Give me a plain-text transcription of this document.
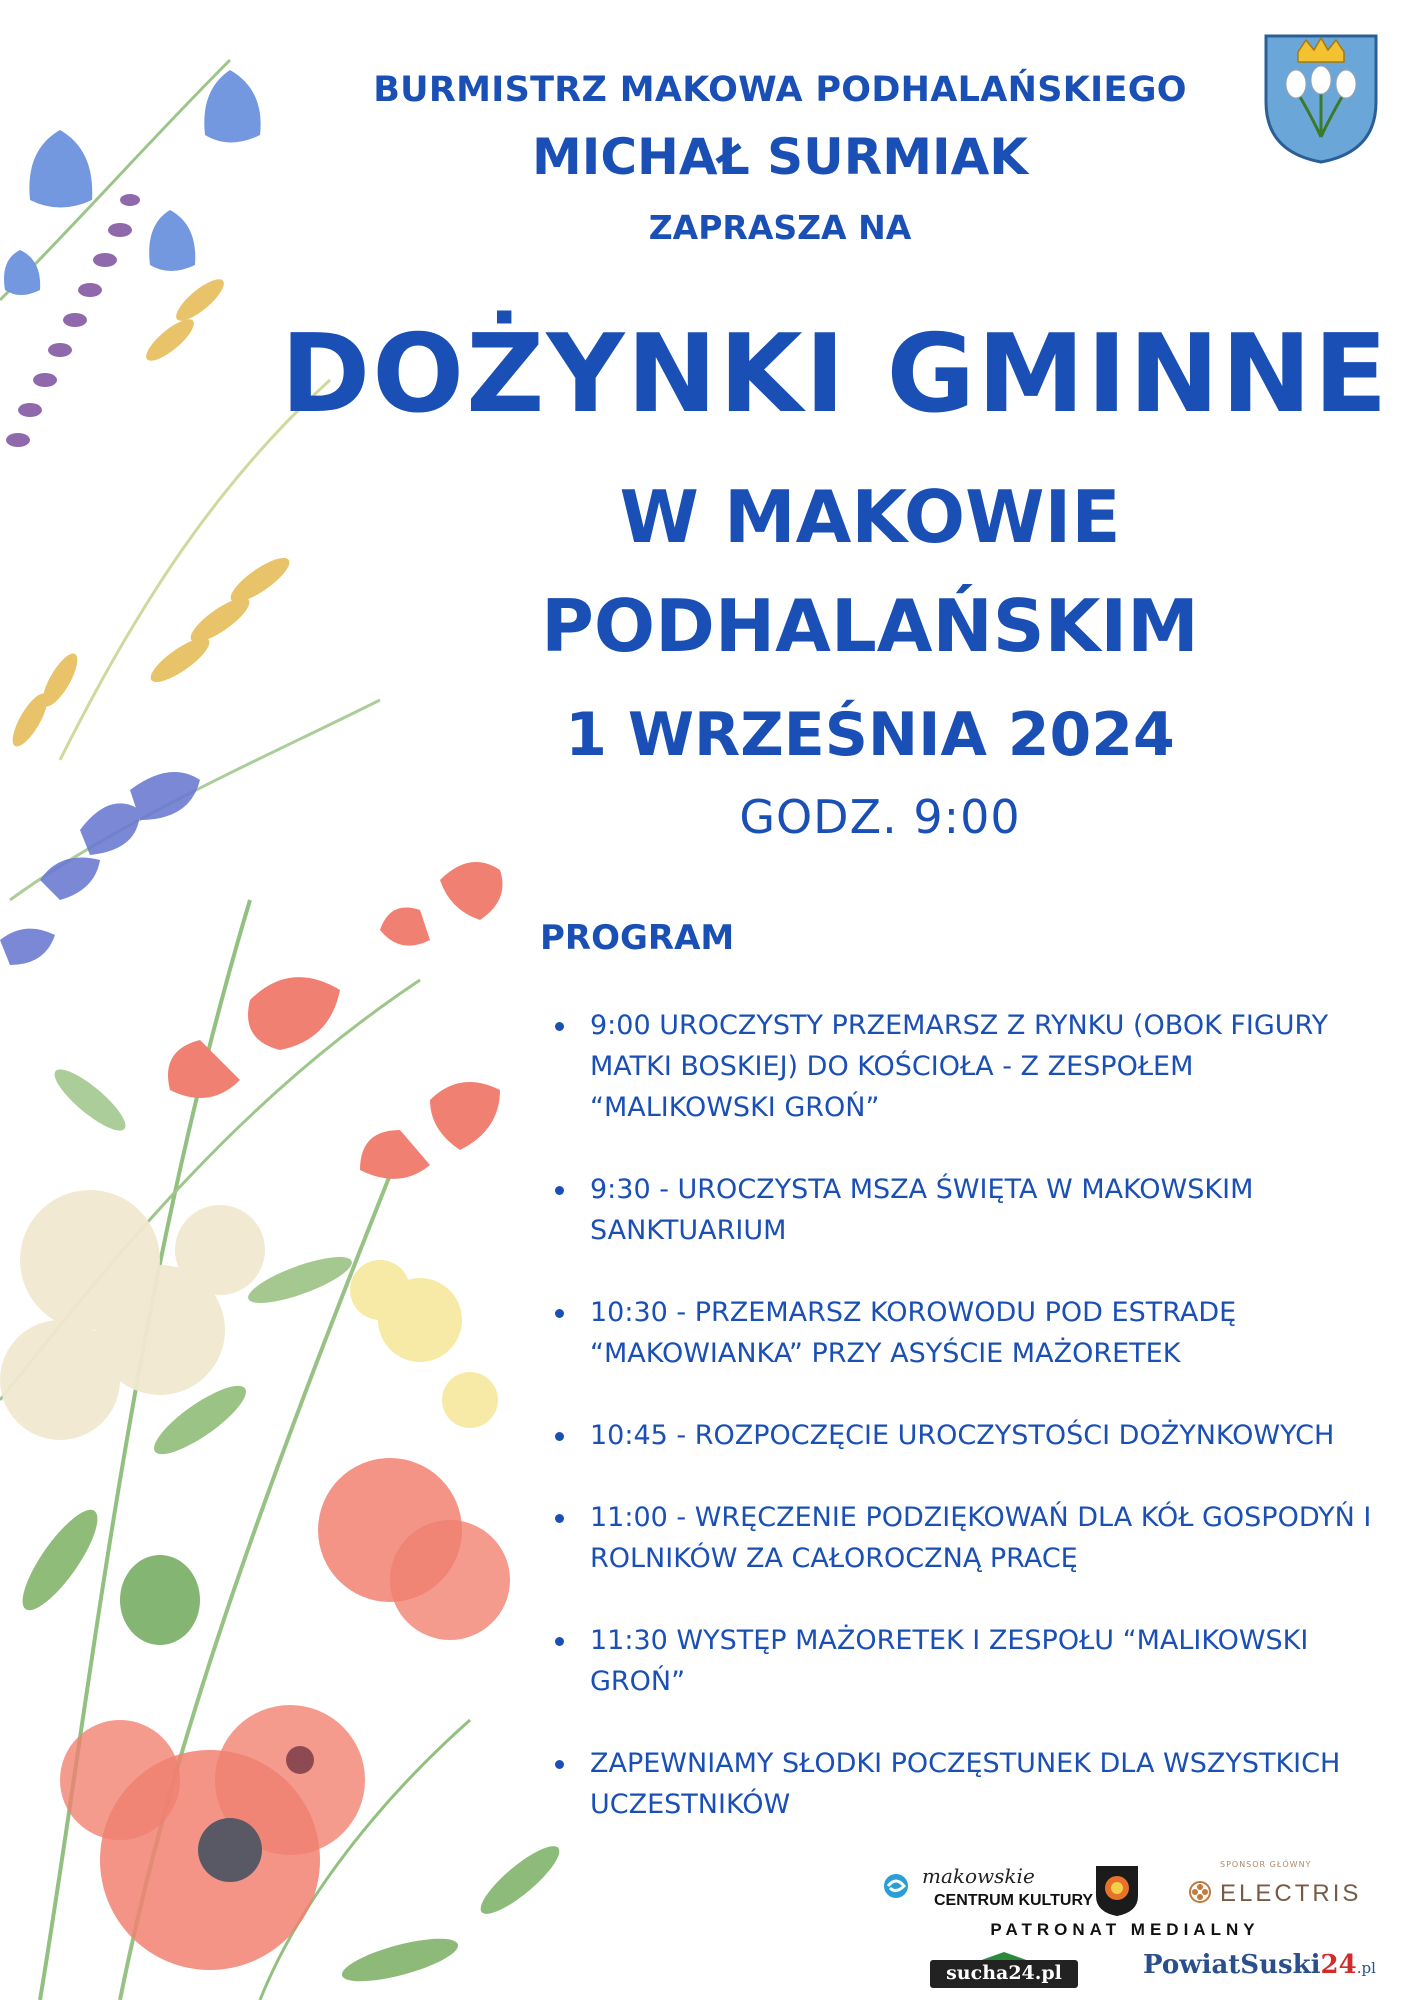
BURMISTRZ MAKOWA PODHALAŃSKIEGO
MICHAŁ SURMIAK
ZAPRASZA NA
DOŻYNKI GMINNE
W MAKOWIE
PODHALAŃSKIM
1 WRZEŚNIA 2024
GODZ. 9:00
PROGRAM
9:00 UROCZYSTY PRZEMARSZ Z RYNKU (OBOK FIGURY MATKI BOSKIEJ) DO KOŚCIOŁA - Z ZESPOŁEM “MALIKOWSKI GROŃ”
9:30 - UROCZYSTA MSZA ŚWIĘTA W MAKOWSKIM SANKTUARIUM
10:30 - PRZEMARSZ KOROWODU POD ESTRADĘ “MAKOWIANKA” PRZY ASYŚCIE MAŻORETEK
10:45 - ROZPOCZĘCIE UROCZYSTOŚCI DOŻYNKOWYCH
11:00 - WRĘCZENIE PODZIĘKOWAŃ DLA KÓŁ GOSPODYŃ I ROLNIKÓW ZA CAŁOROCZNĄ PRACĘ
11:30 WYSTĘP MAŻORETEK I ZESPOŁU “MALIKOWSKI GROŃ”
ZAPEWNIAMY SŁODKI POCZĘSTUNEK DLA WSZYSTKICH UCZESTNIKÓW
makowskie
CENTRUM KULTURY
SPONSOR GŁÓWNY
ELECTRIS
PATRONAT MEDIALNY
sucha24.pl	PowiatSuski24.pl
